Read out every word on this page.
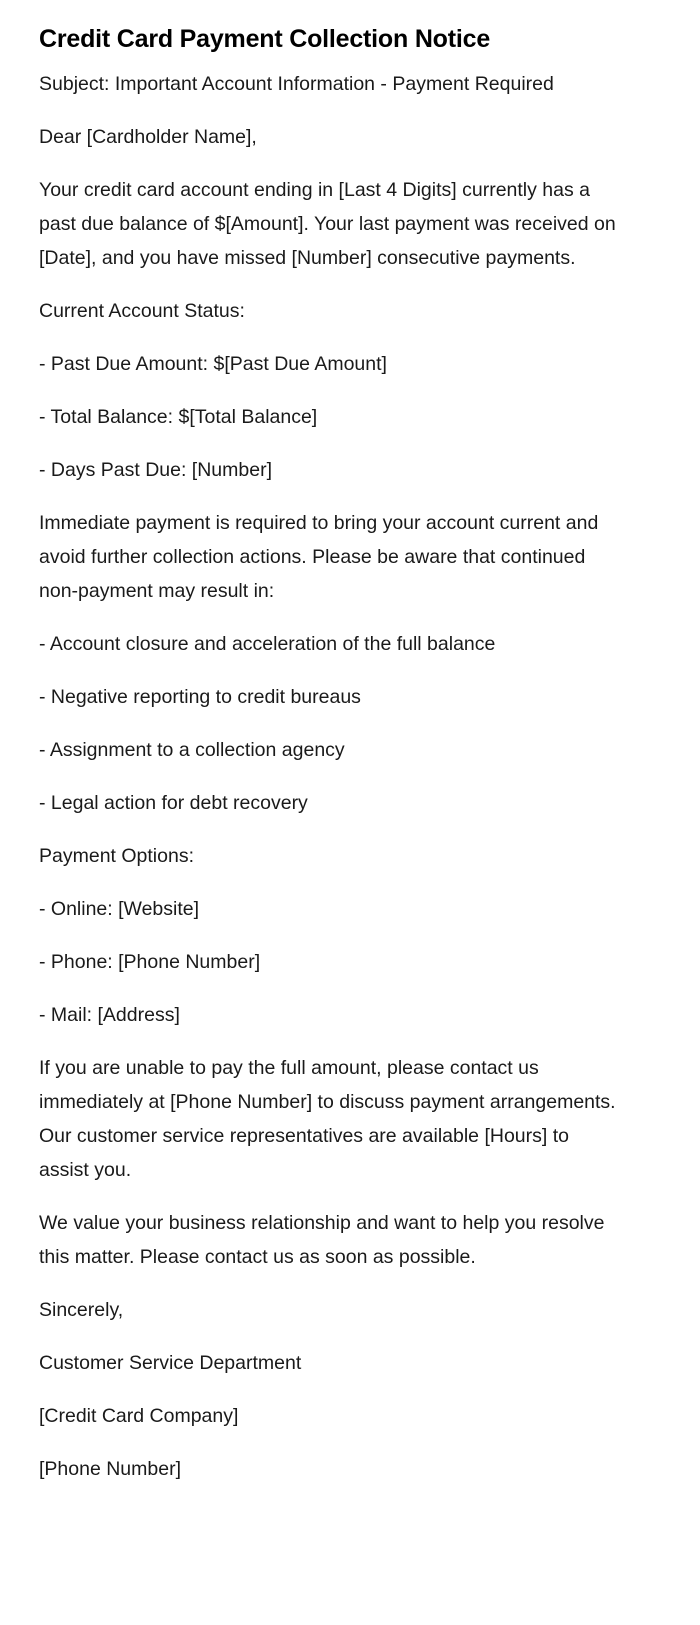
Credit Card Payment Collection Notice

Subject: Important Account Information - Payment Required

Dear [Cardholder Name],

Your credit card account ending in [Last 4 Digits] currently has a past due balance of $[Amount]. Your last payment was received on [Date], and you have missed [Number] consecutive payments.

Current Account Status:

- Past Due Amount: $[Past Due Amount]

- Total Balance: $[Total Balance]

- Days Past Due: [Number]

Immediate payment is required to bring your account current and avoid further collection actions. Please be aware that continued non-payment may result in:

- Account closure and acceleration of the full balance

- Negative reporting to credit bureaus

- Assignment to a collection agency

- Legal action for debt recovery

Payment Options:

- Online: [Website]

- Phone: [Phone Number]

- Mail: [Address]

If you are unable to pay the full amount, please contact us immediately at [Phone Number] to discuss payment arrangements. Our customer service representatives are available [Hours] to assist you.

We value your business relationship and want to help you resolve this matter. Please contact us as soon as possible.

Sincerely,

Customer Service Department

[Credit Card Company]

[Phone Number]
